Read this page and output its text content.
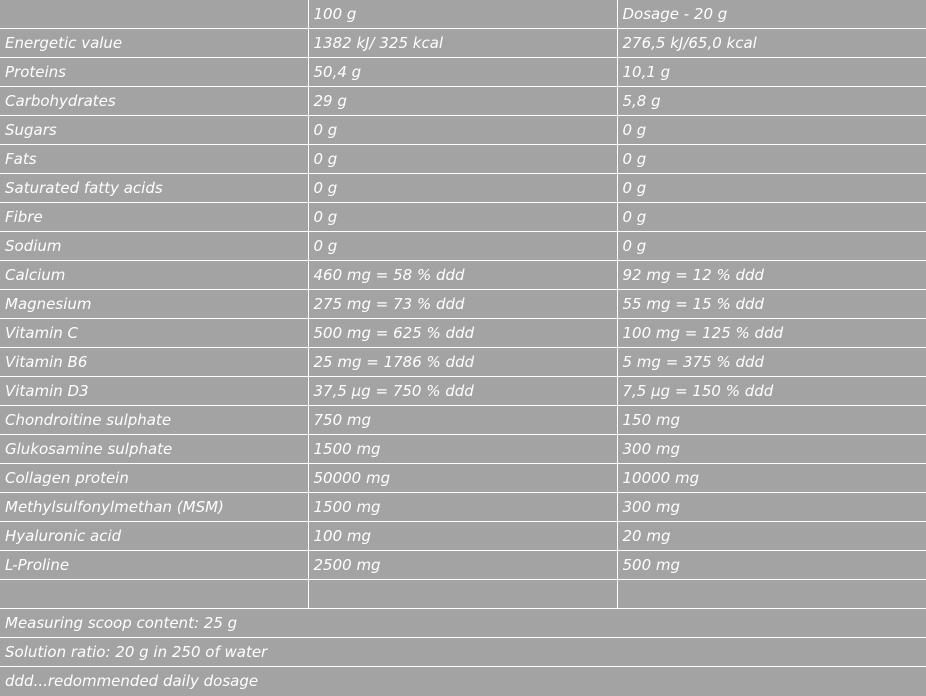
	100 g	Dosage - 20 g
Energetic value	1382 kJ/ 325 kcal	276,5 kJ/65,0 kcal
Proteins	50,4 g	10,1 g
Carbohydrates	29 g	5,8 g
Sugars	0 g	0 g
Fats	0 g	0 g
Saturated fatty acids	0 g	0 g
Fibre	0 g	0 g
Sodium	0 g	0 g
Calcium	460 mg = 58 % ddd	92 mg = 12 % ddd
Magnesium	275 mg = 73 % ddd	55 mg = 15 % ddd
Vitamin C	500 mg = 625 % ddd	100 mg = 125 % ddd
Vitamin B6	25 mg = 1786 % ddd	5 mg = 375 % ddd
Vitamin D3	37,5 µg = 750 % ddd	7,5 µg = 150 % ddd
Chondroitine sulphate	750 mg	150 mg
Glukosamine sulphate	1500 mg	300 mg
Collagen protein	50000 mg	10000 mg
Methylsulfonylmethan (MSM)	1500 mg	300 mg
Hyaluronic acid	100 mg	20 mg
L-Proline	2500 mg	500 mg

Measuring scoop content: 25 g		
Solution ratio: 20 g in 250 of water		
ddd...redommended daily dosage		
